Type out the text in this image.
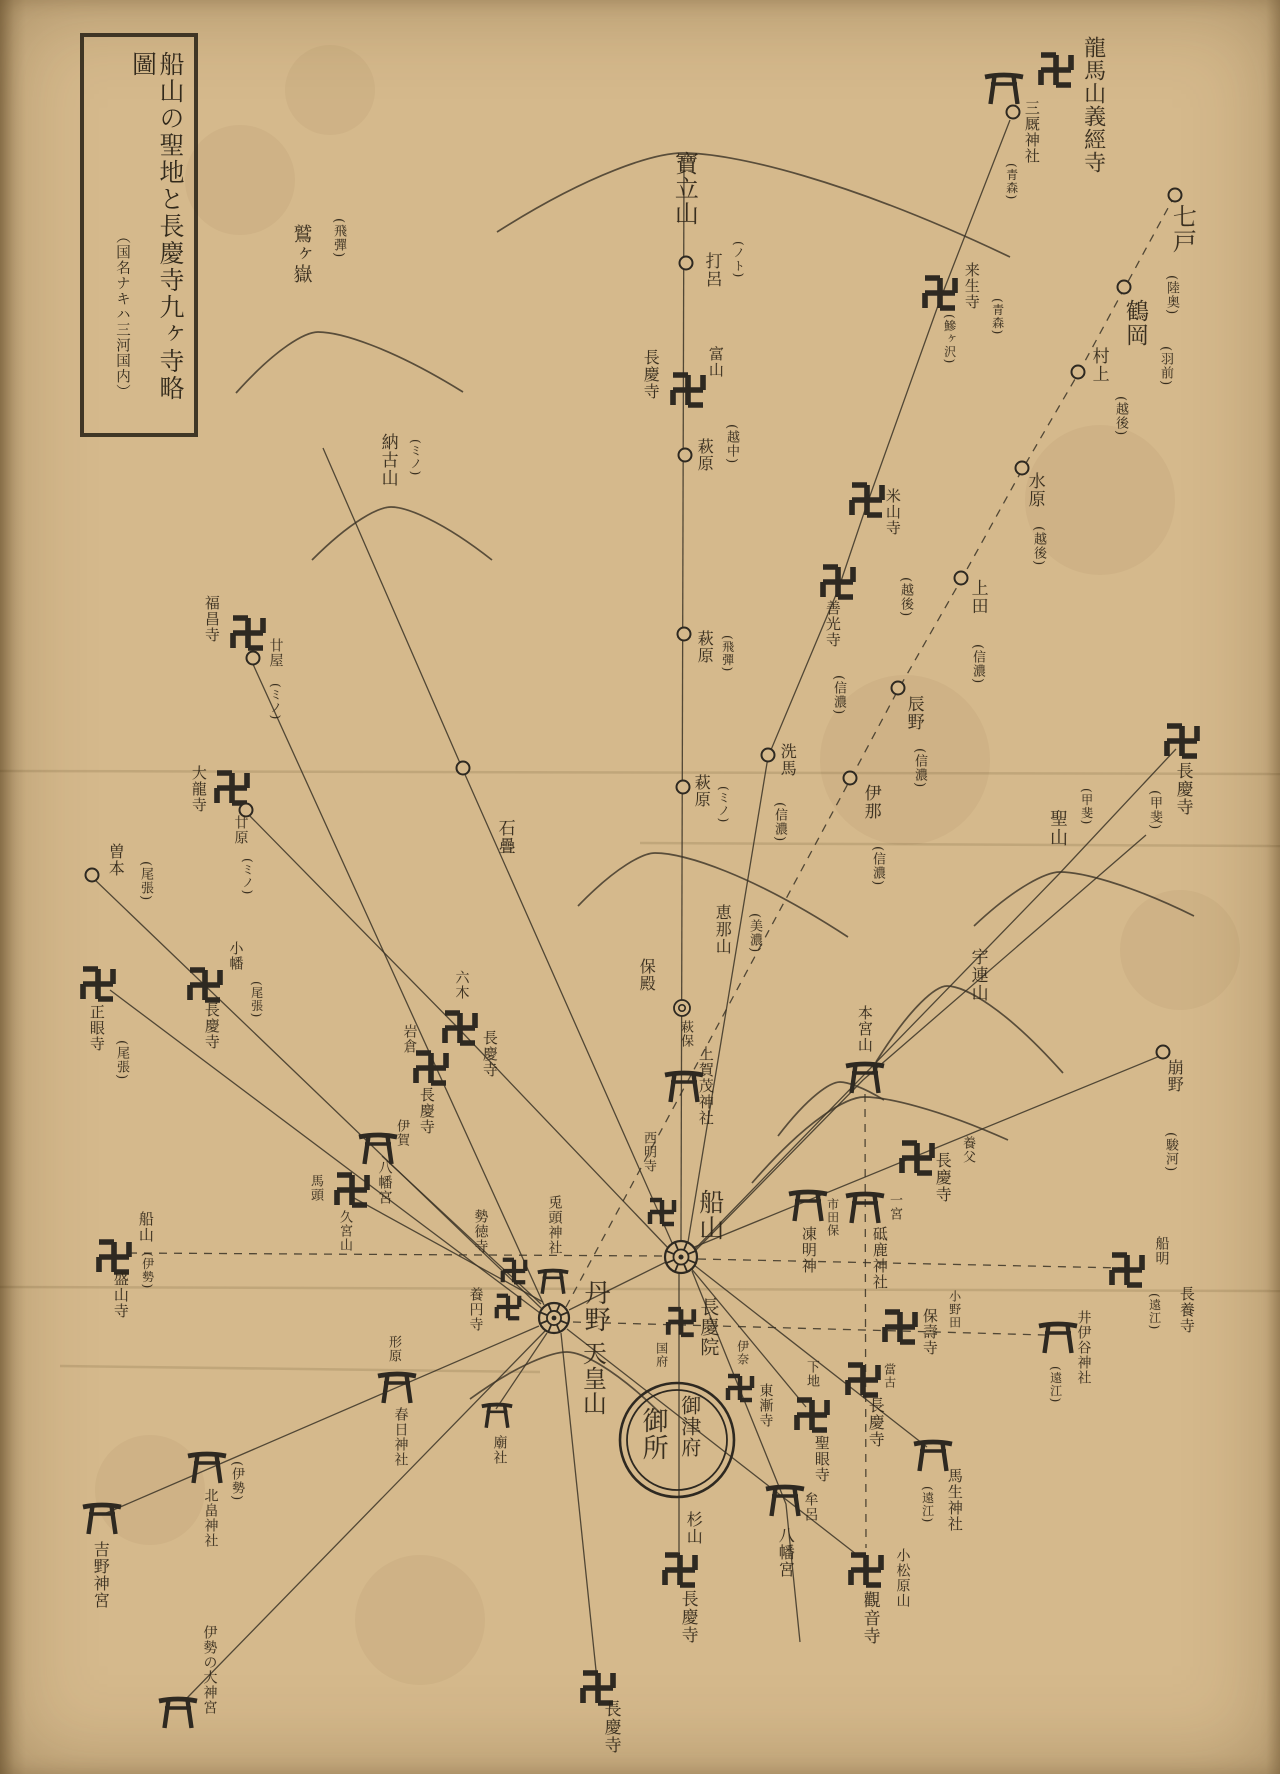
船山の聖地と長慶寺九ヶ寺略圖
（国名ナキハ三河国内）
龍馬山義經寺
三厩神社
(青森)
来生寺
(鰺ヶ沢)	(青森)
七戸
(陸奥)
鶴岡
(羽前)
村上
(越後)
水原
(越後)
上田
(信濃)
辰野
(信濃)
伊那
(信濃)
米山寺
(越後)
善光寺
(信濃)
洗馬
(信濃)
寶立山
打呂 (ノト)
長慶寺	富山
(越中)
萩原
萩原 (飛彈)
萩原 (ミノ)
保殿
萩保
上賀茂神社
西明寺
船山
鷲ヶ嶽 (飛彈)
納古山 (ミノ)
石疊
福昌寺
廿屋
(ミノ)
大龍寺
廿原
(ミノ)
曽本
(尾張)
正眼寺
(尾張)
小幡
(尾張)
長慶寺
六木
長慶寺
岩倉
長慶寺
伊賀
八幡宮
馬頭
久宮山
船山
(伊勢)
盛山寺
恵那山 (美濃)
勢徳寺
養円寺
兎頭神社
丹野
天皇山
長慶院
国府
御津府
御所
杉山
長慶寺
長慶寺
廟社
形原
春日神社
(伊勢)
北畠神社
吉野神宮
伊勢の大神宮
伊奈
東漸寺
下地
聖眼寺
當古
長慶寺
牟呂
八幡宮	小松原山
觀音寺
市田保
凍明神
一宮
砥鹿神社
小野田
保壽寺
養父
長慶寺
本宮山
宇連山
聖山
(甲斐)	長慶寺
(甲斐)
崩野
(駿河)
船明
(遠江) 長養寺
井伊谷神社
(遠江)
馬生神社
(遠江)
